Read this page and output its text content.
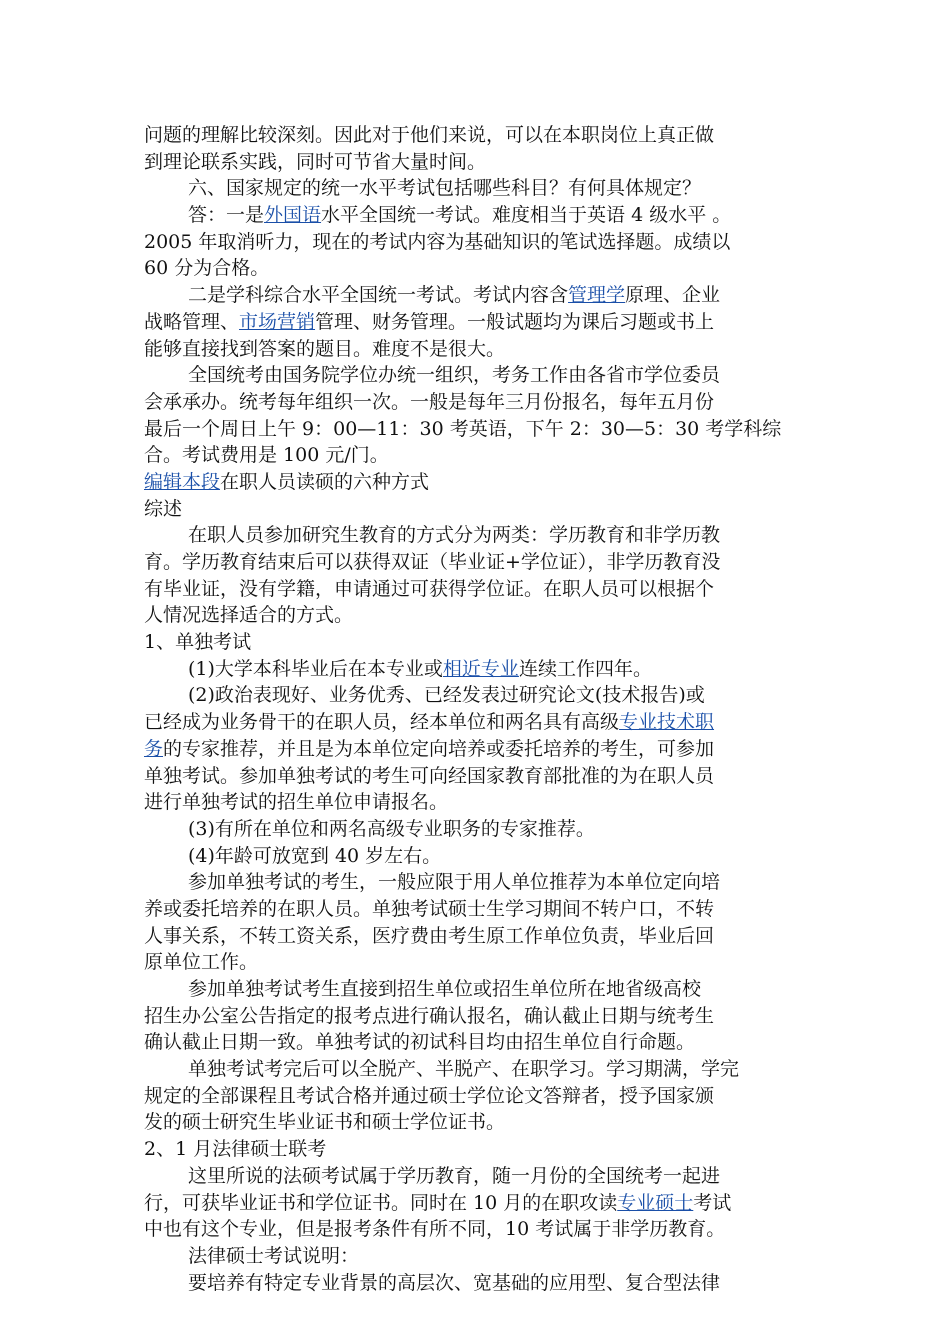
问题的理解比较深刻。因此对于他们来说，可以在本职岗位上真正做
到理论联系实践，同时可节省大量时间。
六、国家规定的统一水平考试包括哪些科目？有何具体规定？
答：一是外国语水平全国统一考试。难度相当于英语 4 级水平 。
2005 年取消听力，现在的考试内容为基础知识的笔试选择题。成绩以
60 分为合格。
二是学科综合水平全国统一考试。考试内容含管理学原理、企业
战略管理、市场营销管理、财务管理。一般试题均为课后习题或书上
能够直接找到答案的题目。难度不是很大。
全国统考由国务院学位办统一组织，考务工作由各省市学位委员
会承承办。统考每年组织一次。一般是每年三月份报名，每年五月份
最后一个周日上午 9：00—11：30 考英语，下午 2：30—5：30 考学科综
合。考试费用是 100 元/门。
编辑本段在职人员读硕的六种方式
综述
在职人员参加研究生教育的方式分为两类：学历教育和非学历教
育。学历教育结束后可以获得双证（毕业证+学位证），非学历教育没
有毕业证，没有学籍，申请通过可获得学位证。在职人员可以根据个
人情况选择适合的方式。
1、单独考试
(1)大学本科毕业后在本专业或相近专业连续工作四年。
(2)政治表现好、业务优秀、已经发表过研究论文(技术报告)或
已经成为业务骨干的在职人员，经本单位和两名具有高级专业技术职
务的专家推荐，并且是为本单位定向培养或委托培养的考生，可参加
单独考试。参加单独考试的考生可向经国家教育部批准的为在职人员
进行单独考试的招生单位申请报名。
(3)有所在单位和两名高级专业职务的专家推荐。
(4)年龄可放宽到 40 岁左右。
参加单独考试的考生，一般应限于用人单位推荐为本单位定向培
养或委托培养的在职人员。单独考试硕士生学习期间不转户口，不转
人事关系，不转工资关系，医疗费由考生原工作单位负责，毕业后回
原单位工作。
参加单独考试考生直接到招生单位或招生单位所在地省级高校
招生办公室公告指定的报考点进行确认报名，确认截止日期与统考生
确认截止日期一致。单独考试的初试科目均由招生单位自行命题。
单独考试考完后可以全脱产、半脱产、在职学习。学习期满，学完
规定的全部课程且考试合格并通过硕士学位论文答辩者，授予国家颁
发的硕士研究生毕业证书和硕士学位证书。
2、1 月法律硕士联考
这里所说的法硕考试属于学历教育，随一月份的全国统考一起进
行，可获毕业证书和学位证书。同时在 10 月的在职攻读专业硕士考试
中也有这个专业，但是报考条件有所不同，10 考试属于非学历教育。
法律硕士考试说明：
要培养有特定专业背景的高层次、宽基础的应用型、复合型法律
